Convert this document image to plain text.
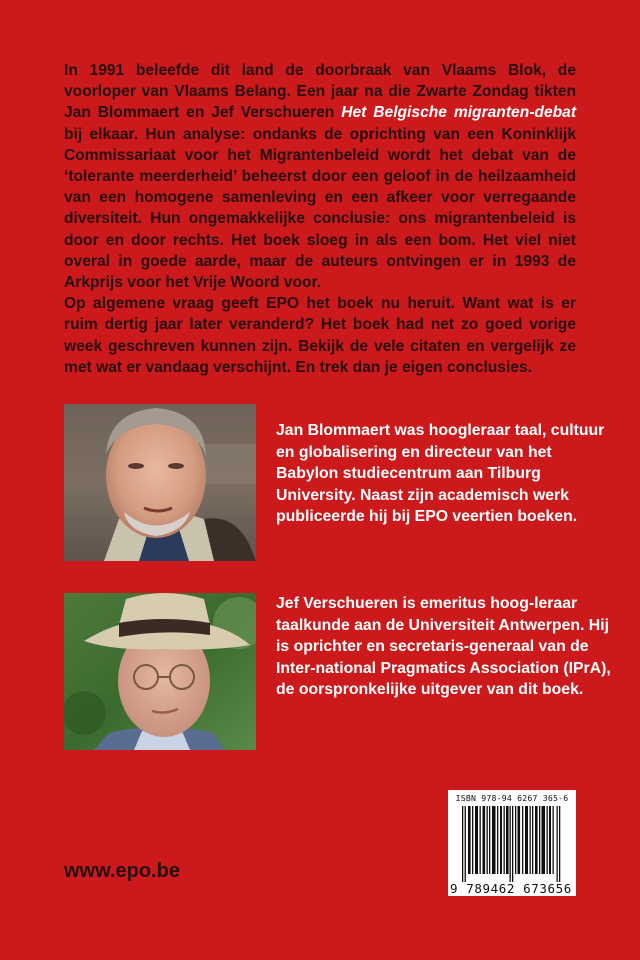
In 1991 beleefde dit land de doorbraak van Vlaams Blok, de voorloper van Vlaams Belang. Een jaar na die Zwarte Zondag tikten Jan Blommaert en Jef Verschueren Het Belgische migranten-debat bij elkaar. Hun analyse: ondanks de oprichting van een Koninklijk Commissariaat voor het Migrantenbeleid wordt het debat van de ‘tolerante meerderheid’ beheerst door een geloof in de heilzaamheid van een homogene samenleving en een afkeer voor verregaande diversiteit. Hun ongemakkelijke conclusie: ons migrantenbeleid is door en door rechts. Het boek sloeg in als een bom. Het viel niet overal in goede aarde, maar de auteurs ontvingen er in 1993 de Arkprijs voor het Vrije Woord voor.

Op algemene vraag geeft EPO het boek nu heruit. Want wat is er ruim dertig jaar later veranderd? Het boek had net zo goed vorige week geschreven kunnen zijn. Bekijk de vele citaten en vergelijk ze met wat er vandaag verschijnt. En trek dan je eigen conclusies.

Jan Blommaert was hoogleraar taal, cultuur en globalisering en directeur van het Babylon studiecentrum aan Tilburg University. Naast zijn academisch werk publiceerde hij bij EPO veertien boeken.

Jef Verschueren is emeritus hoog-leraar taalkunde aan de Universiteit Antwerpen. Hij is oprichter en secretaris-generaal van de Inter-national Pragmatics Association (IPrA), de oorspronkelijke uitgever van dit boek.

www.epo.be
ISBN 978-94 6267 365-6
9 789462 673656
